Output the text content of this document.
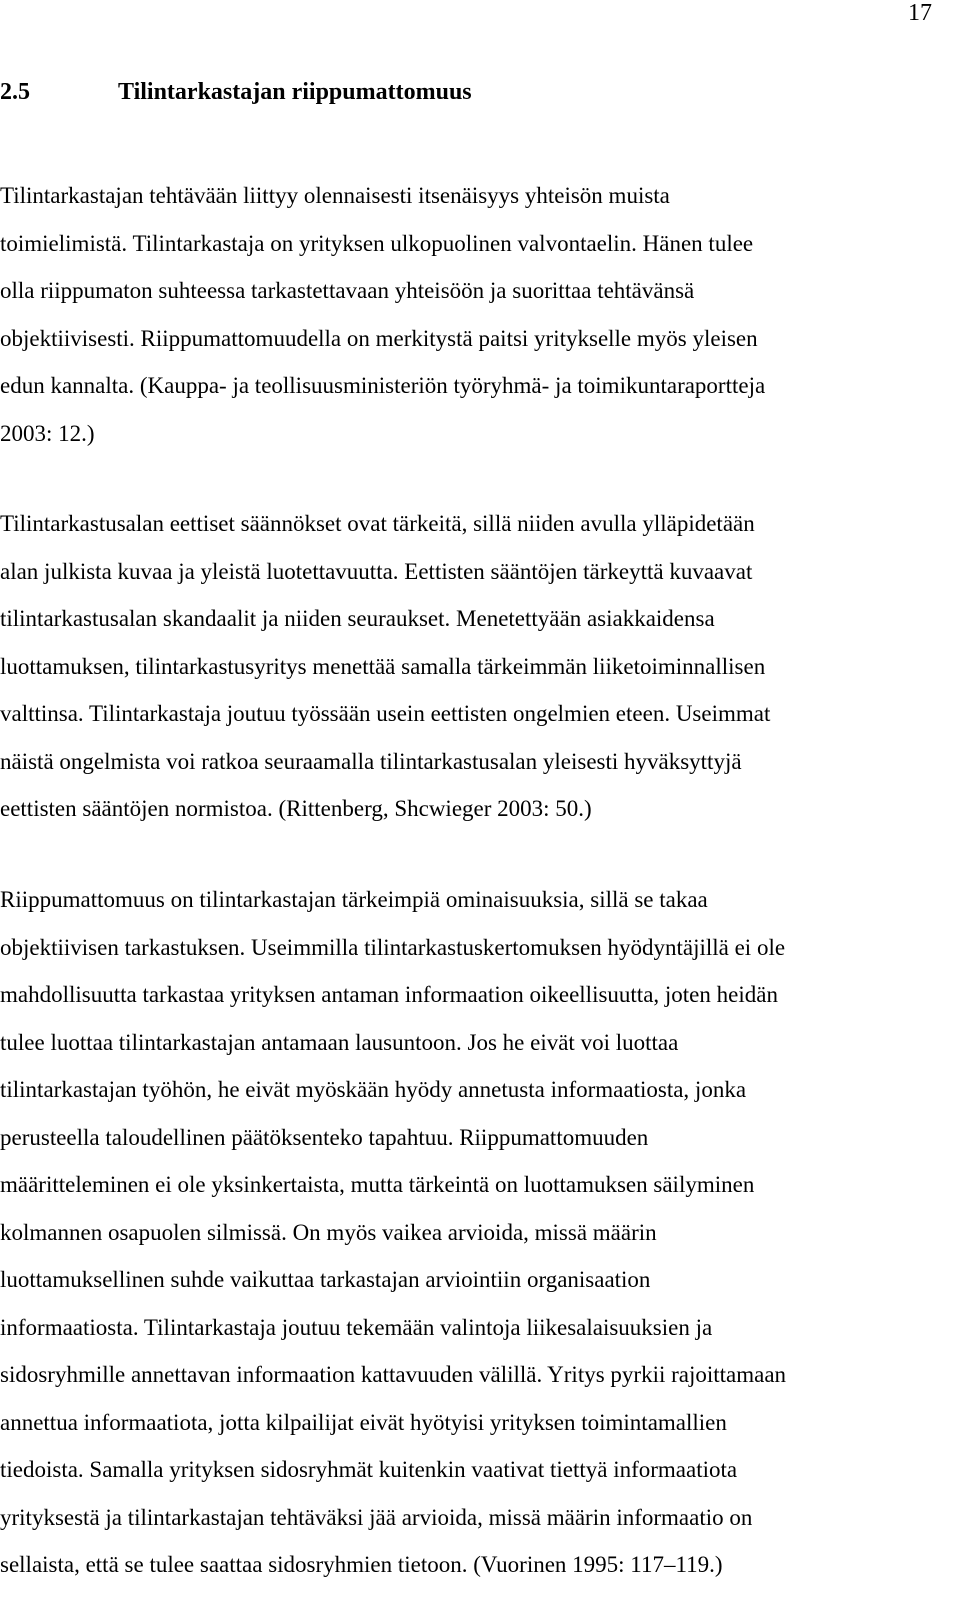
17
2.5	Tilintarkastajan riippumattomuus

Tilintarkastajan tehtävään liittyy olennaisesti itsenäisyys yhteisön muista
toimielimistä. Tilintarkastaja on yrityksen ulkopuolinen valvontaelin. Hänen tulee
olla riippumaton suhteessa tarkastettavaan yhteisöön ja suorittaa tehtävänsä
objektiivisesti. Riippumattomuudella on merkitystä paitsi yritykselle myös yleisen
edun kannalta. (Kauppa- ja teollisuusministeriön työryhmä- ja toimikuntaraportteja
2003: 12.)

Tilintarkastusalan eettiset säännökset ovat tärkeitä, sillä niiden avulla ylläpidetään
alan julkista kuvaa ja yleistä luotettavuutta. Eettisten sääntöjen tärkeyttä kuvaavat
tilintarkastusalan skandaalit ja niiden seuraukset. Menetettyään asiakkaidensa
luottamuksen, tilintarkastusyritys menettää samalla tärkeimmän liiketoiminnallisen
valttinsa. Tilintarkastaja joutuu työssään usein eettisten ongelmien eteen. Useimmat
näistä ongelmista voi ratkoa seuraamalla tilintarkastusalan yleisesti hyväksyttyjä
eettisten sääntöjen normistoa. (Rittenberg, Shcwieger 2003: 50.)

Riippumattomuus on tilintarkastajan tärkeimpiä ominaisuuksia, sillä se takaa
objektiivisen tarkastuksen. Useimmilla tilintarkastuskertomuksen hyödyntäjillä ei ole
mahdollisuutta tarkastaa yrityksen antaman informaation oikeellisuutta, joten heidän
tulee luottaa tilintarkastajan antamaan lausuntoon. Jos he eivät voi luottaa
tilintarkastajan työhön, he eivät myöskään hyödy annetusta informaatiosta, jonka
perusteella taloudellinen päätöksenteko tapahtuu. Riippumattomuuden
määritteleminen ei ole yksinkertaista, mutta tärkeintä on luottamuksen säilyminen
kolmannen osapuolen silmissä. On myös vaikea arvioida, missä määrin
luottamuksellinen suhde vaikuttaa tarkastajan arviointiin organisaation
informaatiosta. Tilintarkastaja joutuu tekemään valintoja liikesalaisuuksien ja
sidosryhmille annettavan informaation kattavuuden välillä. Yritys pyrkii rajoittamaan
annettua informaatiota, jotta kilpailijat eivät hyötyisi yrityksen toimintamallien
tiedoista. Samalla yrityksen sidosryhmät kuitenkin vaativat tiettyä informaatiota
yrityksestä ja tilintarkastajan tehtäväksi jää arvioida, missä määrin informaatio on
sellaista, että se tulee saattaa sidosryhmien tietoon. (Vuorinen 1995: 117–119.)
